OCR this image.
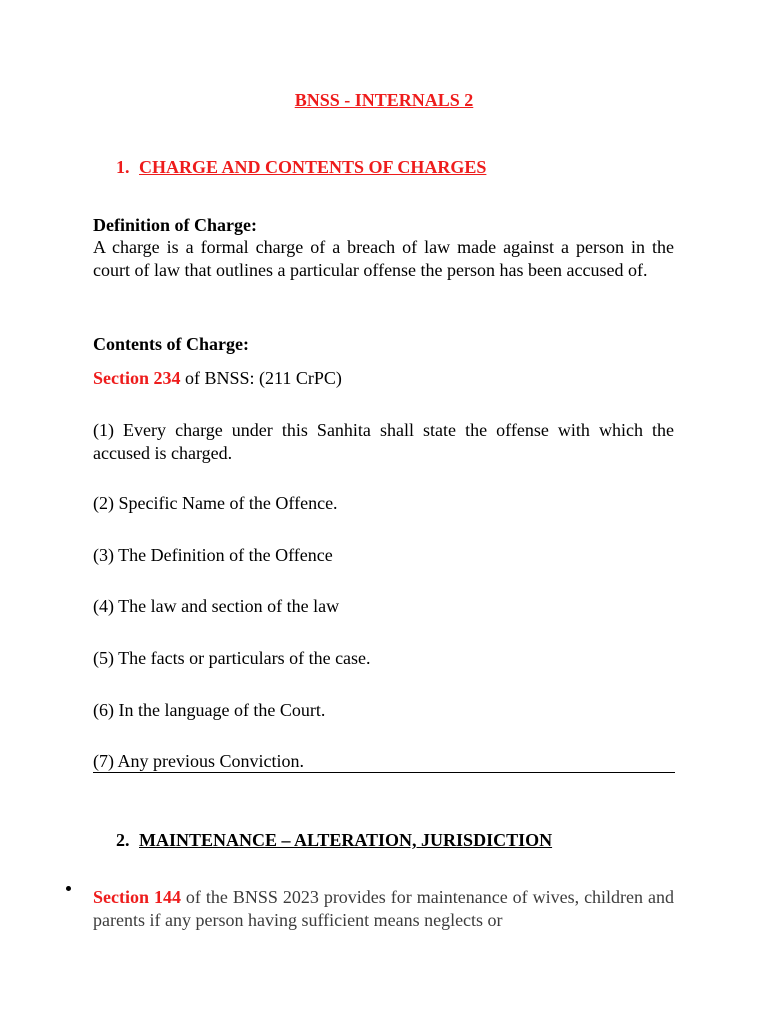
BNSS - INTERNALS 2
1. CHARGE AND CONTENTS OF CHARGES
Definition of Charge:
A charge is a formal charge of a breach of law made against a person in the court of law that outlines a particular offense the person has been accused of.
Contents of Charge:
Section 234 of BNSS: (211 CrPC)
(1) Every charge under this Sanhita shall state the offense with which the accused is charged.
(2) Specific Name of the Offence.
(3) The Definition of the Offence
(4) The law and section of the law
(5) The facts or particulars of the case.
(6) In the language of the Court.
(7) Any previous Conviction.
2. MAINTENANCE – ALTERATION, JURISDICTION
Section 144 of the BNSS 2023 provides for maintenance of wives, children and parents if any person having sufficient means neglects or
